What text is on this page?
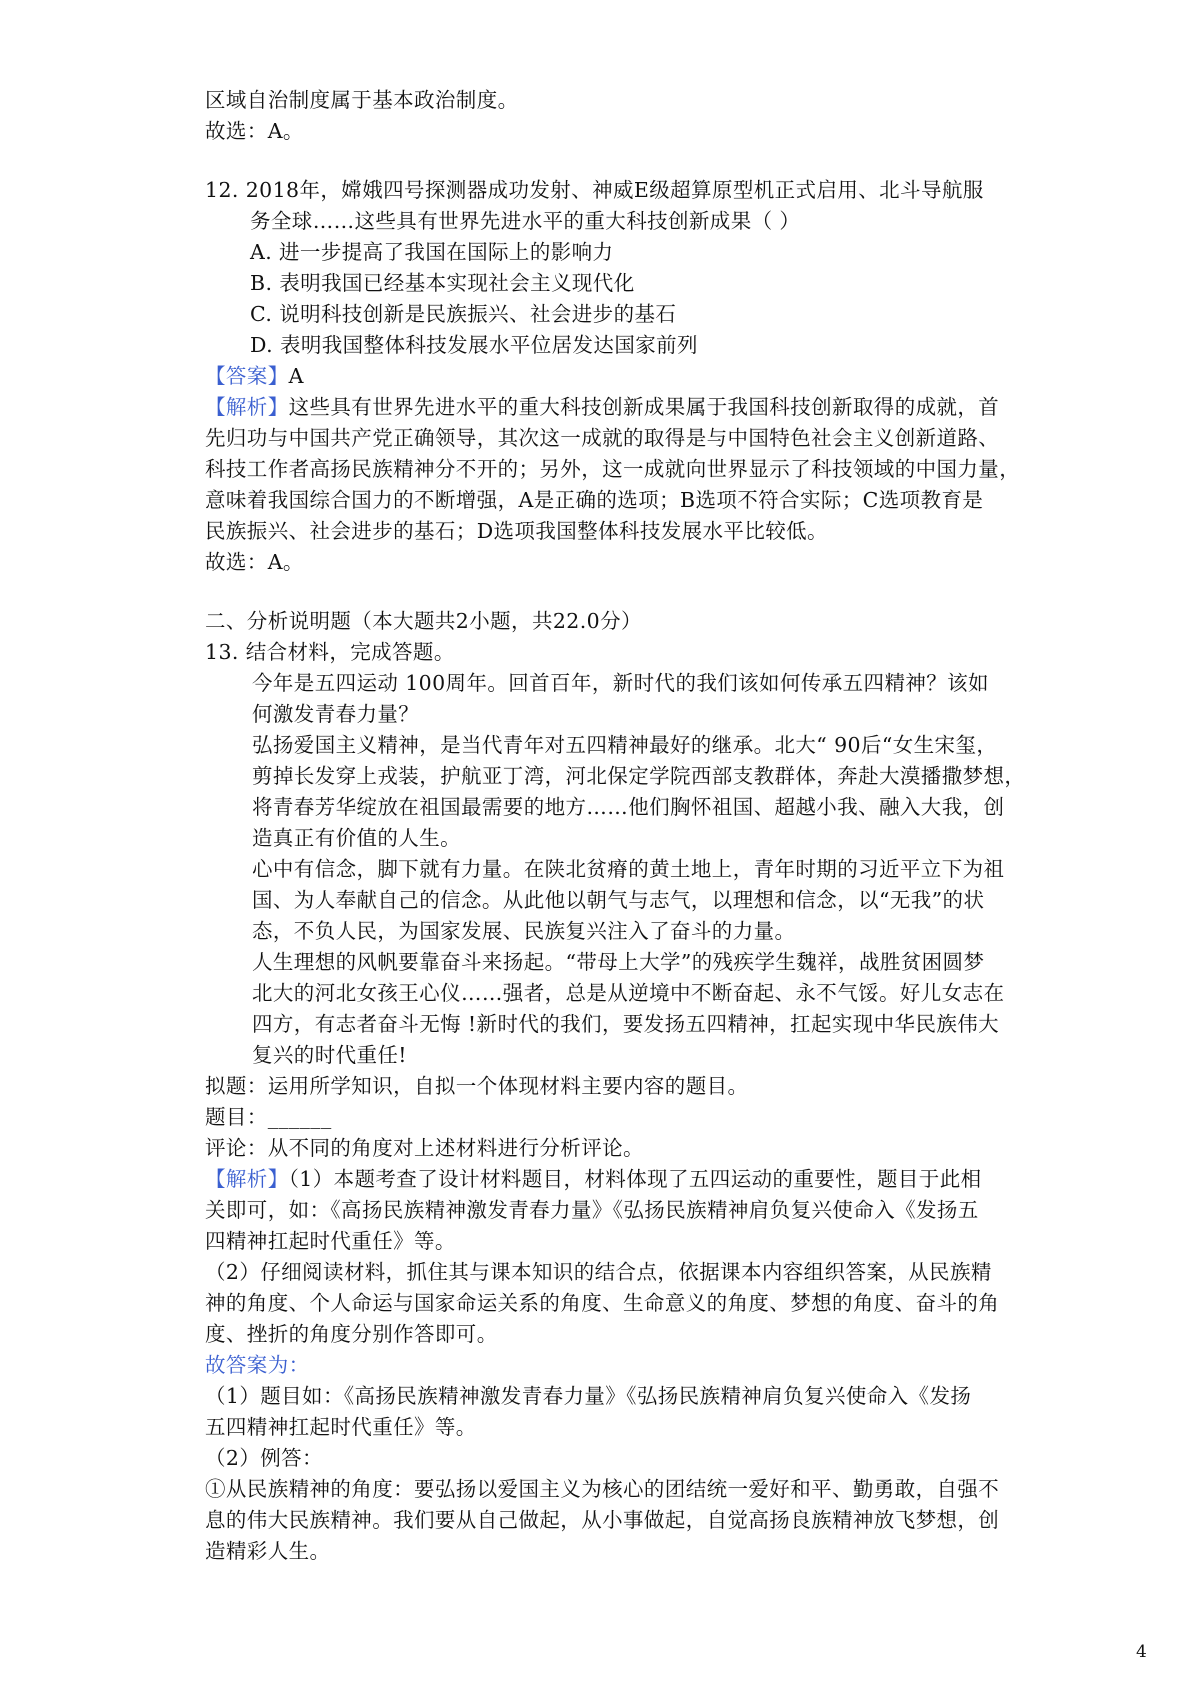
区域自治制度属于基本政治制度。
故选：A。
12. 2018年，嫦娥四号探测器成功发射、神威E级超算原型机正式启用、北斗导航服
务全球……这些具有世界先进水平的重大科技创新成果（ ）
A. 进一步提高了我国在国际上的影响力
B. 表明我国已经基本实现社会主义现代化
C. 说明科技创新是民族振兴、社会进步的基石
D. 表明我国整体科技发展水平位居发达国家前列
【答案】A
【解析】这些具有世界先进水平的重大科技创新成果属于我国科技创新取得的成就，首
先归功与中国共产党正确领导，其次这一成就的取得是与中国特色社会主义创新道路、
科技工作者高扬民族精神分不开的；另外，这一成就向世界显示了科技领域的中国力量，
意味着我国综合国力的不断增强，A是正确的选项；B选项不符合实际；C选项教育是
民族振兴、社会进步的基石；D选项我国整体科技发展水平比较低。
故选：A。
二、分析说明题（本大题共2小题，共22.0分）
13. 结合材料，完成答题。
今年是五四运动 100周年。回首百年，新时代的我们该如何传承五四精神？该如
何激发青春力量？
弘扬爱国主义精神，是当代青年对五四精神最好的继承。北大“ 90后“女生宋玺，
剪掉长发穿上戎装，护航亚丁湾，河北保定学院西部支教群体，奔赴大漠播撒梦想，
将青春芳华绽放在祖国最需要的地方……他们胸怀祖国、超越小我、融入大我，创
造真正有价值的人生。
心中有信念，脚下就有力量。在陕北贫瘠的黄土地上，青年时期的习近平立下为祖
国、为人奉献自己的信念。从此他以朝气与志气，以理想和信念，以“无我”的状
态，不负人民，为国家发展、民族复兴注入了奋斗的力量。
人生理想的风帆要靠奋斗来扬起。“带母上大学”的残疾学生魏祥，战胜贫困圆梦
北大的河北女孩王心仪……强者，总是从逆境中不断奋起、永不气馁。好儿女志在
四方，有志者奋斗无悔 !新时代的我们，要发扬五四精神，扛起实现中华民族伟大
复兴的时代重任!
拟题：运用所学知识，自拟一个体现材料主要内容的题目。
题目：______
评论：从不同的角度对上述材料进行分析评论。
【解析】（1）本题考查了设计材料题目，材料体现了五四运动的重要性，题目于此相
关即可，如：《高扬民族精神激发青春力量》《弘扬民族精神肩负复兴使命入《发扬五
四精神扛起时代重任》等。
（2）仔细阅读材料，抓住其与课本知识的结合点，依据课本内容组织答案，从民族精
神的角度、个人命运与国家命运关系的角度、生命意义的角度、梦想的角度、奋斗的角
度、挫折的角度分别作答即可。
故答案为：
（1）题目如：《高扬民族精神激发青春力量》《弘扬民族精神肩负复兴使命入《发扬
五四精神扛起时代重任》等。
（2）例答：
①从民族精神的角度：要弘扬以爱国主义为核心的团结统一爱好和平、勤勇敢，自强不
息的伟大民族精神。我们要从自己做起，从小事做起，自觉高扬良族精神放飞梦想，创
造精彩人生。
4
